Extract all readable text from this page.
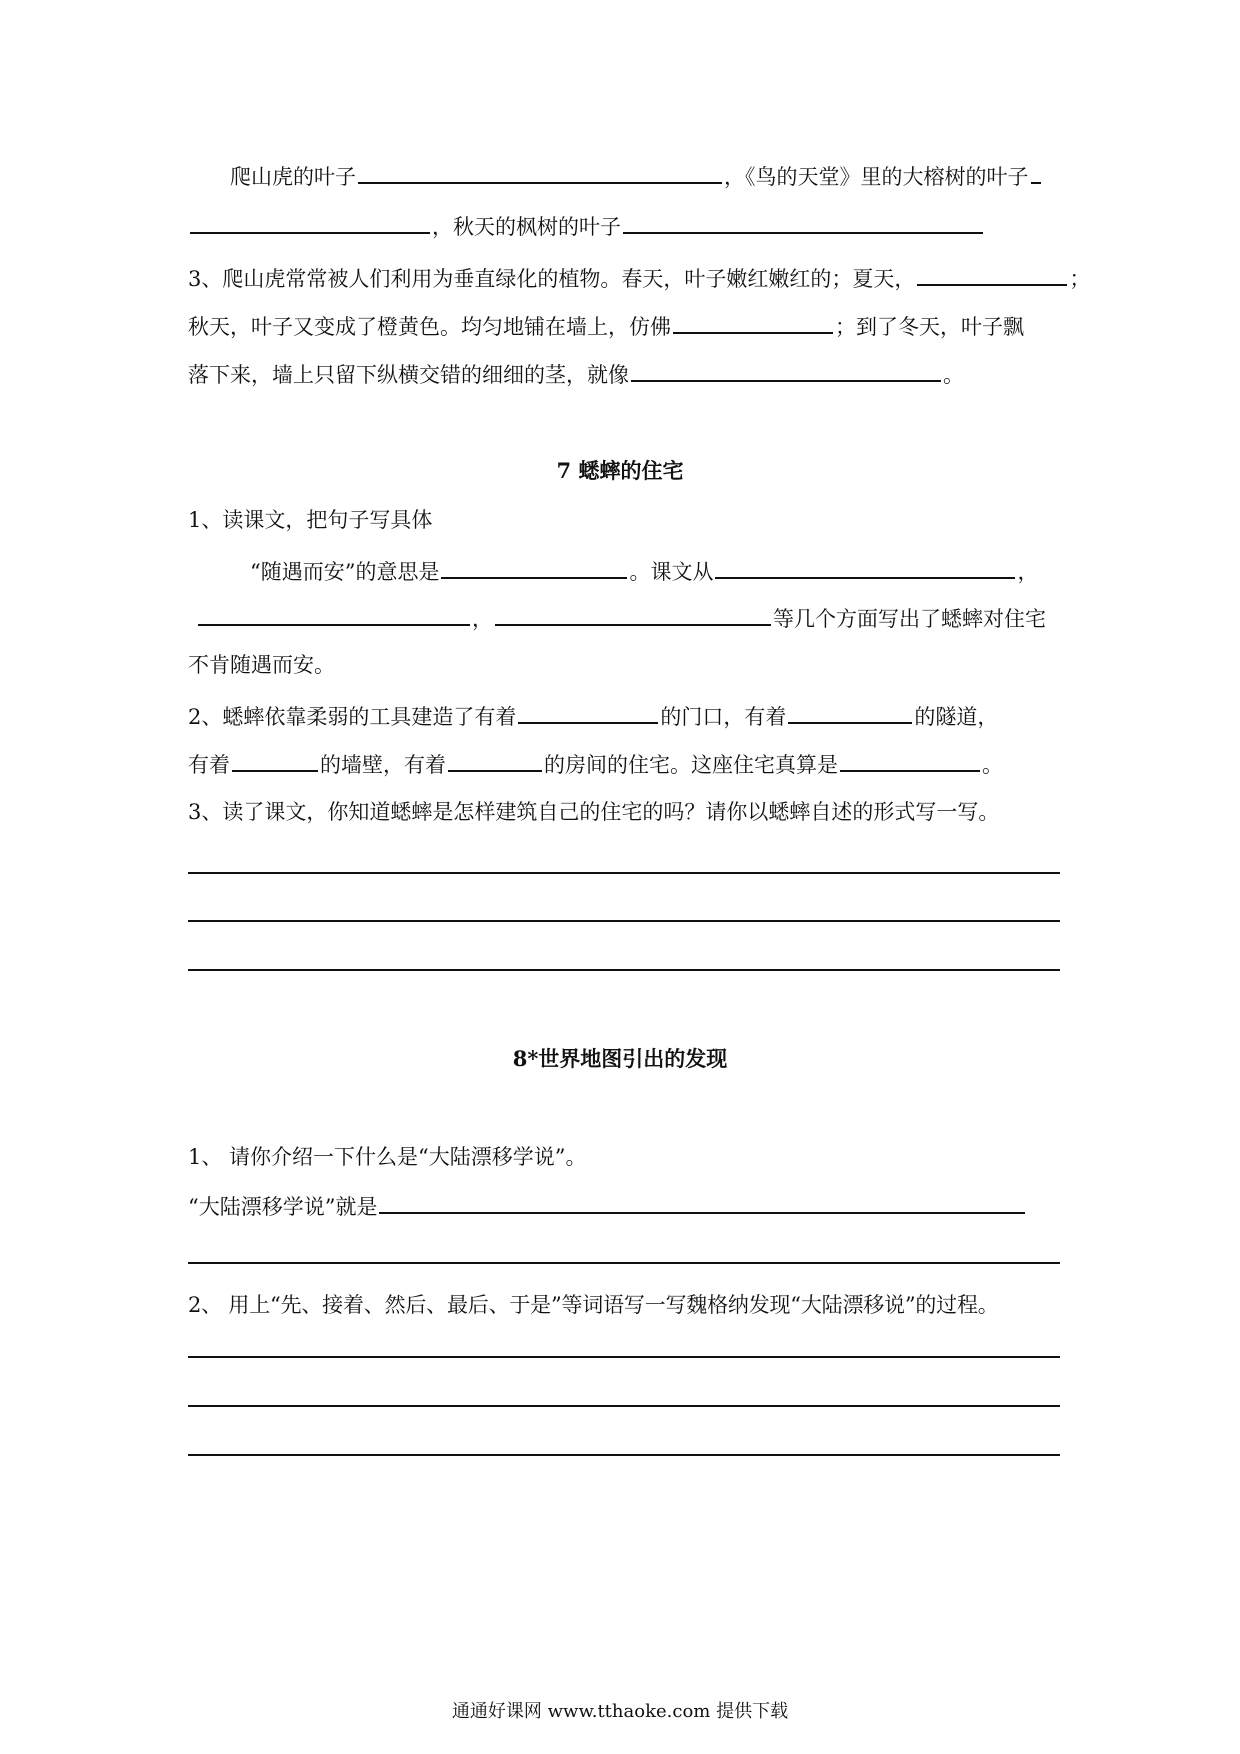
爬山虎的叶子	，《鸟的天堂》里的大榕树的叶子
，秋天的枫树的叶子
3、爬山虎常常被人们利用为垂直绿化的植物。春天，叶子嫩红嫩红的；夏天，	；
秋天，叶子又变成了橙黄色。均匀地铺在墙上，仿佛	；到了冬天，叶子飘
落下来，墙上只留下纵横交错的细细的茎，就像	。
7 蟋蟀的住宅
1、读课文，把句子写具体
“随遇而安”的意思是	。课文从	，
，	等几个方面写出了蟋蟀对住宅
不肯随遇而安。
2、蟋蟀依靠柔弱的工具建造了有着	的门口，有着	的隧道，
有着	的墙壁，有着	的房间的住宅。这座住宅真算是	。
3、读了课文，你知道蟋蟀是怎样建筑自己的住宅的吗？请你以蟋蟀自述的形式写一写。
8*世界地图引出的发现
1、 请你介绍一下什么是“大陆漂移学说”。
“大陆漂移学说”就是
2、 用上“先、接着、然后、最后、于是”等词语写一写魏格纳发现“大陆漂移说”的过程。
通通好课网 www.tthaoke.com 提供下载
